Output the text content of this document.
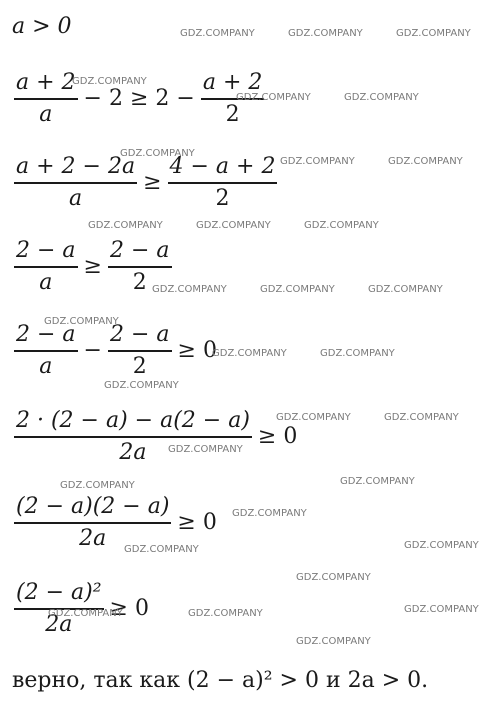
a > 0
$\frac{a + 2}{a} - 2 \ge 2 - \frac{a + 2}{2}$
$\frac{a + 2 - 2a}{a} \ge \frac{4 - a + 2}{2}$
$\frac{2 - a}{a} \ge \frac{2 - a}{2}$
$\frac{2 - a}{a} - \frac{2 - a}{2} \ge 0$
$\frac{2 \cdot (2 - a) - a(2 - a)}{2a} \ge 0$
$\frac{(2 - a)(2 - a)}{2a} \ge 0$
$\frac{\text{(2 − a)²}}{2a} \ge 0$
верно, так как (2 − a)² > 0 и 2a > 0.
GDZ.COMPANY	GDZ.COMPANY	GDZ.COMPANY
GDZ.COMPANY
GDZ.COMPANY	GDZ.COMPANY
GDZ.COMPANY
GDZ.COMPANY	GDZ.COMPANY
GDZ.COMPANY	GDZ.COMPANY	GDZ.COMPANY
GDZ.COMPANY	GDZ.COMPANY	GDZ.COMPANY
GDZ.COMPANY
GDZ.COMPANY	GDZ.COMPANY
GDZ.COMPANY
GDZ.COMPANY	GDZ.COMPANY
GDZ.COMPANY
GDZ.COMPANY	GDZ.COMPANY
GDZ.COMPANY
GDZ.COMPANY	GDZ.COMPANY
GDZ.COMPANY
GDZ.COMPANY	GDZ.COMPANY	GDZ.COMPANY
GDZ.COMPANY
